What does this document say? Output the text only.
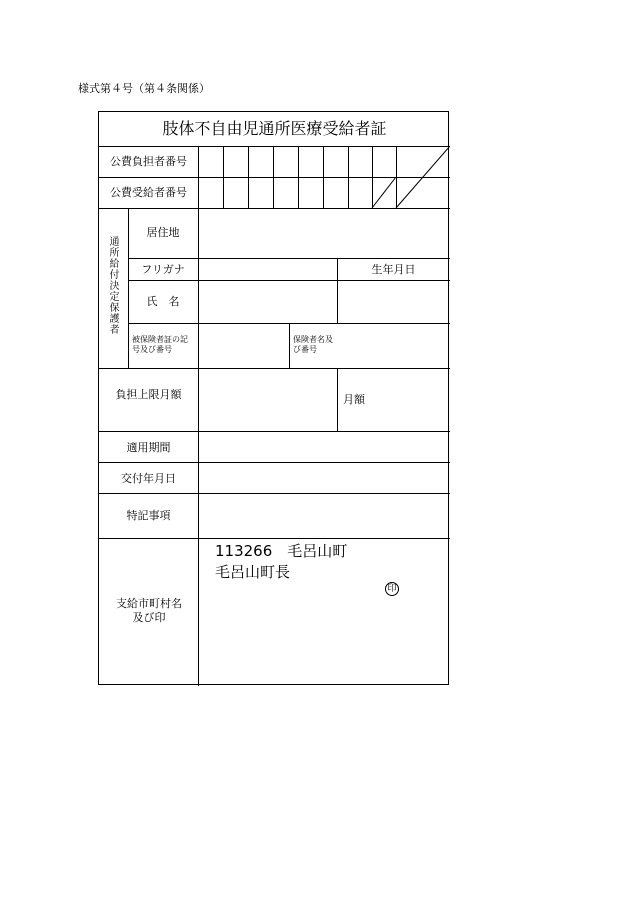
様式第４号（第４条関係）
肢体不自由児通所医療受給者証
公費負担者番号
公費受給者番号
通所給付決定保護者
居住地
フリガナ	生年月日
氏　名
被保険者証の記号及び番号
保険者名及び番号
負担上限月額	月額
適用期間
交付年月日
特記事項
支給市町村名及び印
113266　毛呂山町
毛呂山町長
印
